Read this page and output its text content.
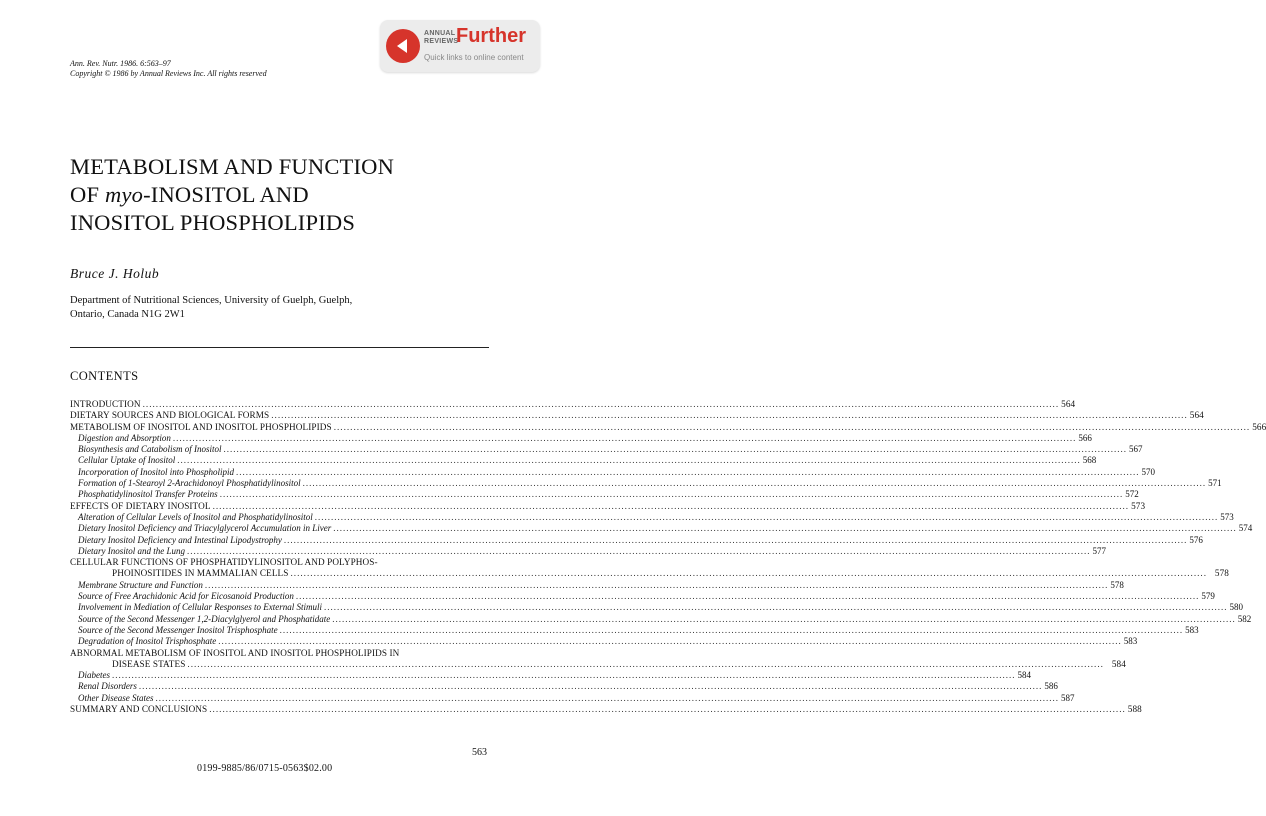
ANNUAL
REVIEWS
Further
Quick links to online content
Ann. Rev. Nutr. 1986. 6:563–97
Copyright © 1986 by Annual Reviews Inc. All rights reserved
METABOLISM AND FUNCTION
OF myo-INOSITOL AND
INOSITOL PHOSPHOLIPIDS
Bruce J. Holub
Department of Nutritional Sciences, University of Guelph, Guelph,
Ontario, Canada N1G 2W1
CONTENTS
INTRODUCTION .....	564
DIETARY SOURCES AND BIOLOGICAL FORMS .....	564
METABOLISM OF INOSITOL AND INOSITOL PHOSPHOLIPIDS .....	566
Digestion and Absorption .....	566
Biosynthesis and Catabolism of Inositol .....	567
Cellular Uptake of Inositol .....	568
Incorporation of Inositol into Phospholipid .....	570
Formation of 1-Stearoyl 2-Arachidonoyl Phosphatidylinositol .....	571
Phosphatidylinositol Transfer Proteins .....	572
EFFECTS OF DIETARY INOSITOL .....	573
Alteration of Cellular Levels of Inositol and Phosphatidylinositol .....	573
Dietary Inositol Deficiency and Triacylglycerol Accumulation in Liver .....	574
Dietary Inositol Deficiency and Intestinal Lipodystrophy .....	576
Dietary Inositol and the Lung .....	577
CELLULAR FUNCTIONS OF PHOSPHATIDYLINOSITOL AND POLYPHOS-
PHOINOSITIDES IN MAMMALIAN CELLS .....	578
Membrane Structure and Function .....	578
Source of Free Arachidonic Acid for Eicosanoid Production .....	579
Involvement in Mediation of Cellular Responses to External Stimuli .....	580
Source of the Second Messenger 1,2-Diacylglyerol and Phosphatidate .....	582
Source of the Second Messenger Inositol Trisphosphate .....	583
Degradation of Inositol Trisphosphate .....	583
ABNORMAL METABOLISM OF INOSITOL AND INOSITOL PHOSPHOLIPIDS IN
DISEASE STATES .....	584
Diabetes .....	584
Renal Disorders .....	586
Other Disease States .....	587
SUMMARY AND CONCLUSIONS .....	588
563
0199-9885/86/0715-0563$02.00
